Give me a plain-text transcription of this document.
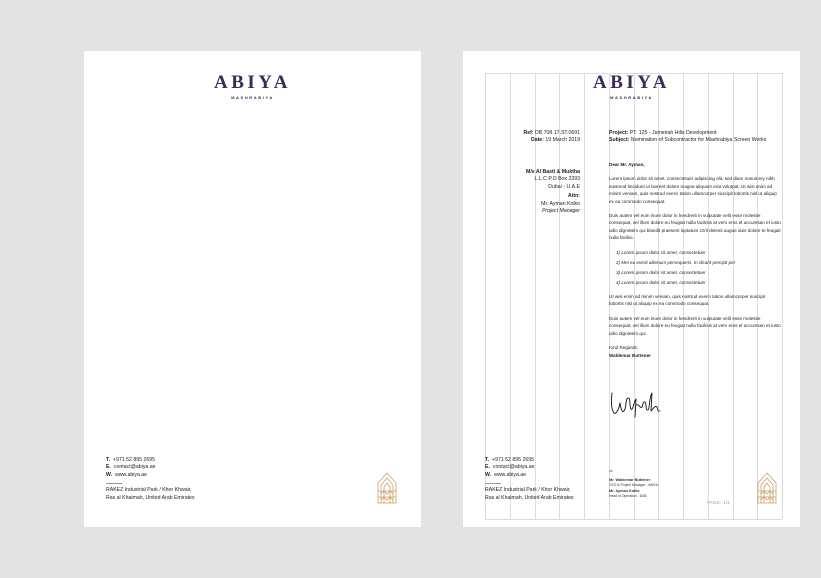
ABIYA
MASHRABIYA
T. +971 52 895 2695
E. contact@abiya.ae
W. www.abiya.ae
RAKEZ Industrial Park / Khor Khwair,
Ras al Khaimah, United Arab Emirates
ABIYA
MASHRABIYA
Ref: DB.708.17.ST.0691
Date: 19 March 2019
Project: PT. 125 - Jumeirah Hills Development
Subject: Nomination of Subcontractor for Mashrabiya Screen Works
M/s Al Basti & Muktha
L.L.C P.O Box 2393
Dubai - U.A.E
Attn:
Mr. Ayman Kolko
Project Manager
Dear Mr. Ayman,

Lorem ipsum dolor sit amet, consectetuer adipiscing elit, sed diam nonummy nibh euismod tincidunt ut laoreet dolore magna aliquam erat volutpat. Ut wisi enim ad minim veniam, quis nostrud exerci tation ullamcorper suscipit lobortis nisl ut aliquip ex ea commodo consequat.

Duis autem vel eum iriure dolor in hendrerit in vulputate velit esse molestie consequat, vel illum dolore eu feugiat nulla facilisis at vero eros et accumsan et iusto odio dignissim qui blandit praesent luptatum zzril delenit augue duis dolore te feugait nulla facilisi.

1) Lorem ipsum dolor sit amet, consectetuer
2) Mei eu everti aliienum persequeris. In dicant percipit per
3) Lorem ipsum dolor sit amet, consectetuer
4) Lorem ipsum dolor sit amet, consectetuer

Ut wisi enim ad minim veniam, quis nostrud exerci tation ullamcorper suscipit lobortis nisl ut aliquip ex ea commodo consequat.

Duis autem vel eum iriure dolor in hendrerit in vulputate velit esse molestie consequat, vel illum dolore eu feugiat nulla facilisis at vero eros et accumsan et iusto odio dignissim qui.

Kind Regards,
Waldemar Buttener
cc.
Mr. Waldemar Buttener
CEO & Project Manager - ABIYA
Mr. Ayman Kolko
Head of Operation - DAB
PAGE: 1/1
T. +971 52 895 2695
E. contact@abiya.ae
W. www.abiya.ae
RAKEZ Industrial Park / Khor Khwair,
Ras al Khaimah, United Arab Emirates
